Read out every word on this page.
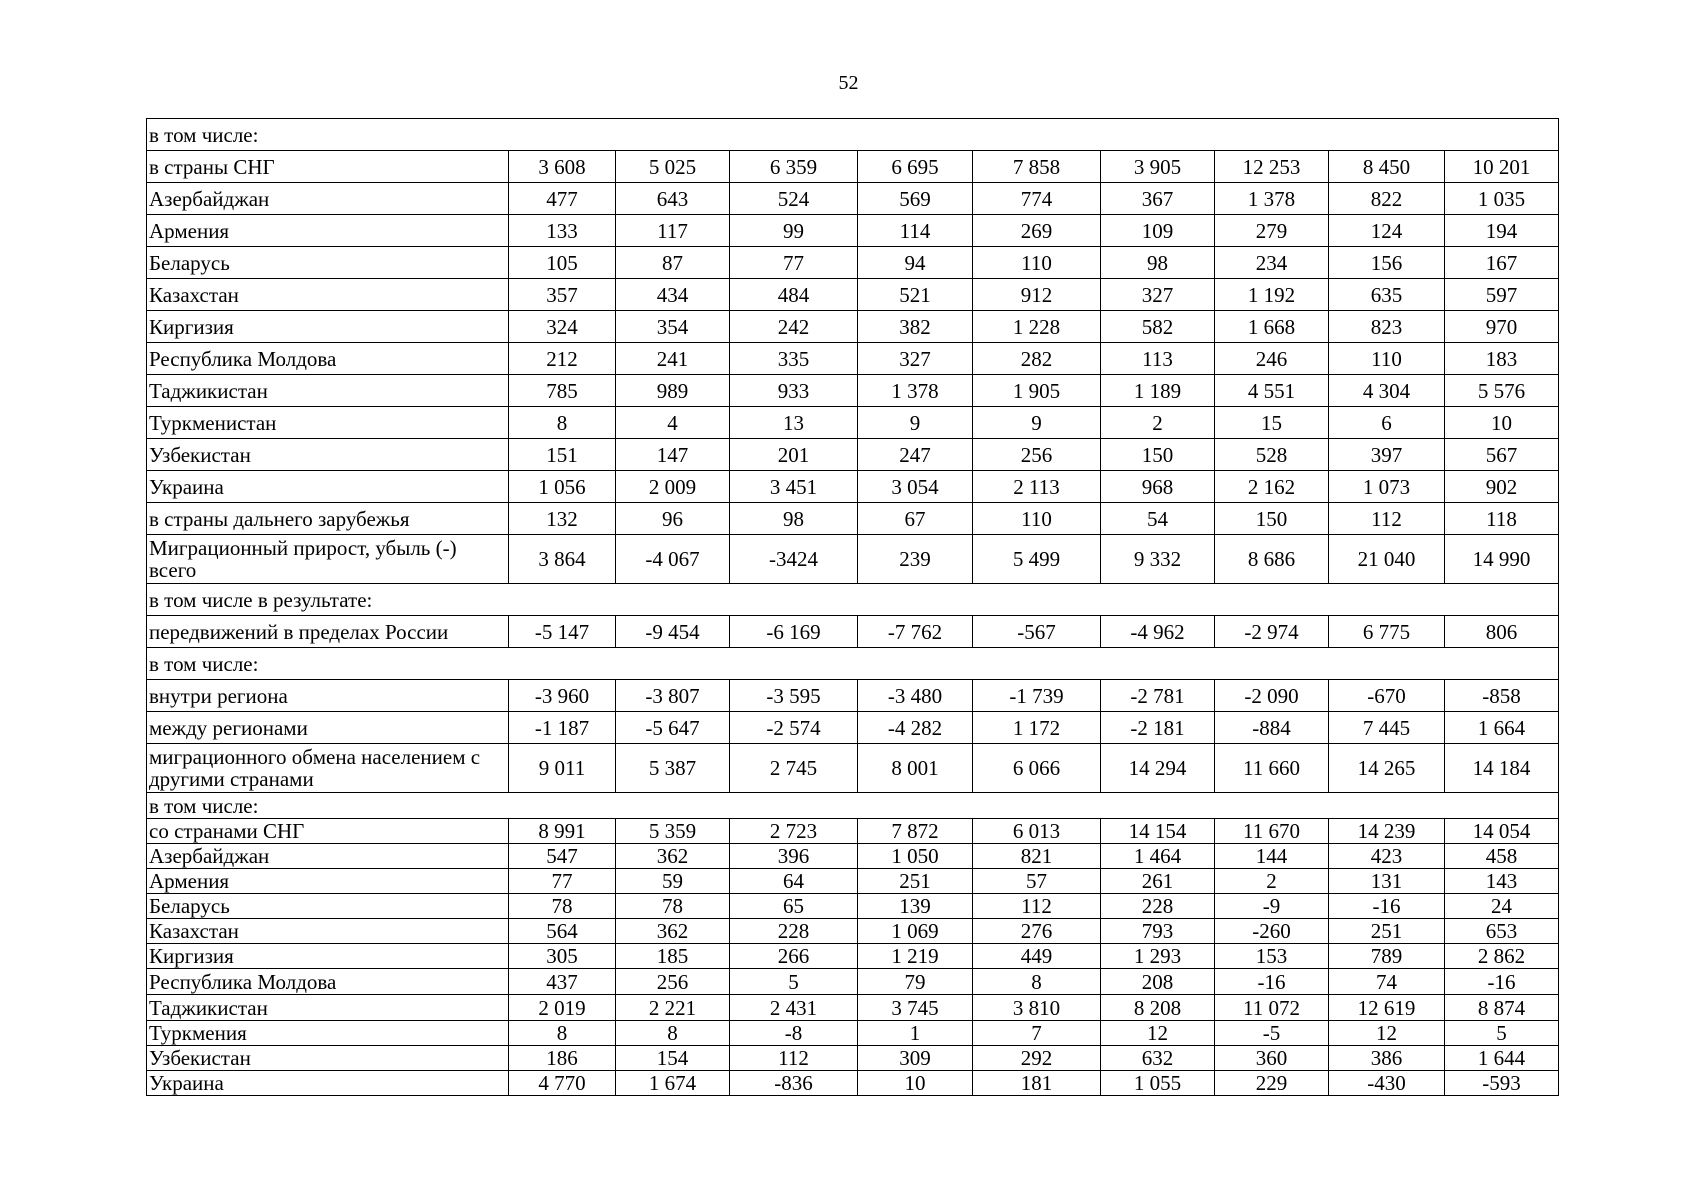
52
в том числе:									
в страны СНГ	3 608	5 025	6 359	6 695	7 858	3 905	12 253	8 450	10 201
Азербайджан	477	643	524	569	774	367	1 378	822	1 035
Армения	133	117	99	114	269	109	279	124	194
Беларусь	105	87	77	94	110	98	234	156	167
Казахстан	357	434	484	521	912	327	1 192	635	597
Киргизия	324	354	242	382	1 228	582	1 668	823	970
Республика Молдова	212	241	335	327	282	113	246	110	183
Таджикистан	785	989	933	1 378	1 905	1 189	4 551	4 304	5 576
Туркменистан	8	4	13	9	9	2	15	6	10
Узбекистан	151	147	201	247	256	150	528	397	567
Украина	1 056	2 009	3 451	3 054	2 113	968	2 162	1 073	902
в страны дальнего зарубежья	132	96	98	67	110	54	150	112	118
Миграционный прирост, убыль (-) всего	3 864	-4 067	-3424	239	5 499	9 332	8 686	21 040	14 990
в том числе в результате:									
передвижений в пределах России	-5 147	-9 454	-6 169	-7 762	-567	-4 962	-2 974	6 775	806
в том числе:									
внутри региона	-3 960	-3 807	-3 595	-3 480	-1 739	-2 781	-2 090	-670	-858
между регионами	-1 187	-5 647	-2 574	-4 282	1 172	-2 181	-884	7 445	1 664
миграционного обмена населением с другими странами	9 011	5 387	2 745	8 001	6 066	14 294	11 660	14 265	14 184
в том числе:									
со странами СНГ	8 991	5 359	2 723	7 872	6 013	14 154	11 670	14 239	14 054
Азербайджан	547	362	396	1 050	821	1 464	144	423	458
Армения	77	59	64	251	57	261	2	131	143
Беларусь	78	78	65	139	112	228	-9	-16	24
Казахстан	564	362	228	1 069	276	793	-260	251	653
Киргизия	305	185	266	1 219	449	1 293	153	789	2 862
Республика Молдова	437	256	5	79	8	208	-16	74	-16
Таджикистан	2 019	2 221	2 431	3 745	3 810	8 208	11 072	12 619	8 874
Туркмения	8	8	-8	1	7	12	-5	12	5
Узбекистан	186	154	112	309	292	632	360	386	1 644
Украина	4 770	1 674	-836	10	181	1 055	229	-430	-593
